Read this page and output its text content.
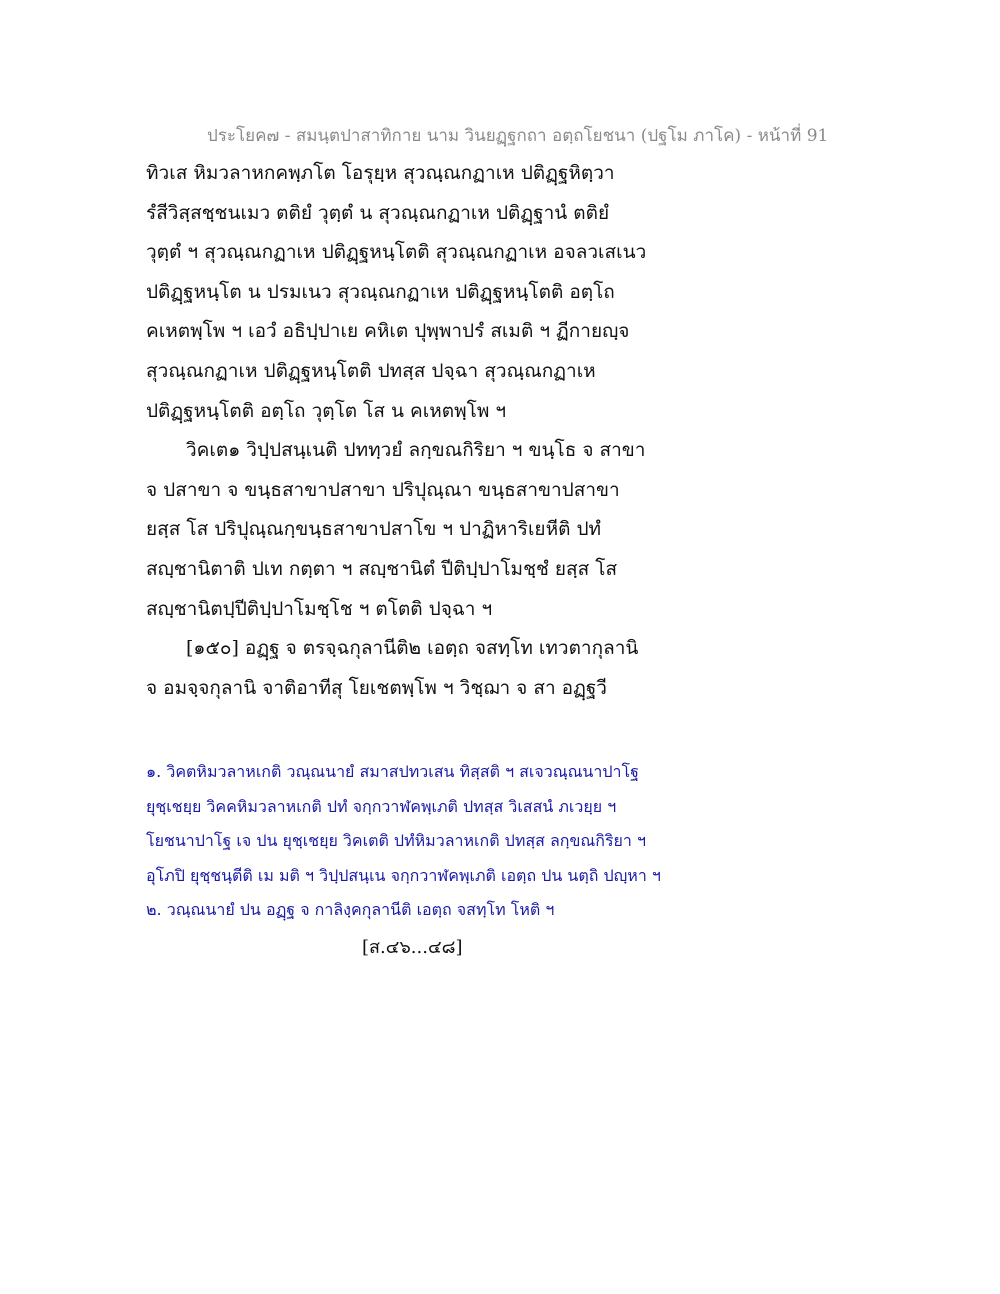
ประโยค๗ - สมนฺตปาสาทิกาย นาม วินยฏฺฐกถา อตฺถโยชนา (ปฐโม ภาโค) - หน้าที่ 91
ทิวเส หิมวลาหกคพฺภโต โอรุยฺห สุวณฺณกฏาเห ปติฏฺฐหิตฺวา
รํสีวิสฺสชฺชนเมว ตติยํ วุตฺตํ น สุวณฺณกฏาเห ปติฏฺฐานํ ตติยํ
วุตฺตํ ฯ สุวณฺณกฏาเห ปติฏฺฐหนฺโตติ สุวณฺณกฏาเห อจลวเสเนว
ปติฏฺฐหนฺโต น ปรมเนว สุวณฺณกฏาเห ปติฏฺฐหนฺโตติ อตฺโถ
คเหตพฺโพ ฯ เอวํ อธิปฺปาเย คหิเต ปุพฺพาปรํ สเมติ ฯ ฏีกายญฺจ
สุวณฺณกฏาเห ปติฏฺฐหนฺโตติ ปทสฺส ปจฺฉา สุวณฺณกฏาเห
ปติฏฺฐหนฺโตติ อตฺโถ วุตฺโต โส น คเหตพฺโพ ฯ
วิคเต๑ วิปฺปสนฺเนติ ปททฺวยํ ลกฺขณกิริยา ฯ ขนฺโธ จ สาขา
จ ปสาขา จ ขนฺธสาขาปสาขา ปริปุณฺณา ขนฺธสาขาปสาขา
ยสฺส โส ปริปุณฺณกฺขนฺธสาขาปสาโข ฯ ปาฏิหาริเยหีติ ปทํ
สญฺชานิตาติ ปเท กตฺตา ฯ สญฺชานิตํ ปีติปฺปาโมชฺชํ ยสฺส โส
สญฺชานิตปฺปีติปฺปาโมชฺโช ฯ ตโตติ ปจฺฉา ฯ
[๑๕๐] อฏฺฐ จ ตรจฺฉกุลานีติ๒ เอตฺถ จสทฺโท เทวตากุลานิ
จ อมจฺจกุลานิ จาติอาทีสุ โยเชตพฺโพ ฯ วิชฺฌา จ สา อฏฺฐวี
๑. วิคตหิมวลาหเกติ วณฺณนายํ สมาสปทวเสน ทิสฺสติ ฯ สเจวณฺณนาปาโฐ
ยุชฺเชยฺย วิคคหิมวลาหเกติ ปทํ จกฺกวาฬคพฺเภติ ปทสฺส วิเสสนํ ภเวยฺย ฯ
โยชนาปาโฐ เจ ปน ยุชฺเชยฺย วิคเตติ ปทํหิมวลาหเกติ ปทสฺส ลกฺขณกิริยา ฯ
อุโภปิ ยุชฺชนฺตีติ เม มติ ฯ วิปฺปสนฺเน จกฺกวาฬคพฺเภติ เอตฺถ ปน นตฺถิ ปญฺหา ฯ
๒. วณฺณนายํ ปน อฏฺฐ จ กาลิงฺคกุลานีติ เอตฺถ จสทฺโท โหติ ฯ
[ส.๔๖...๔๘]
